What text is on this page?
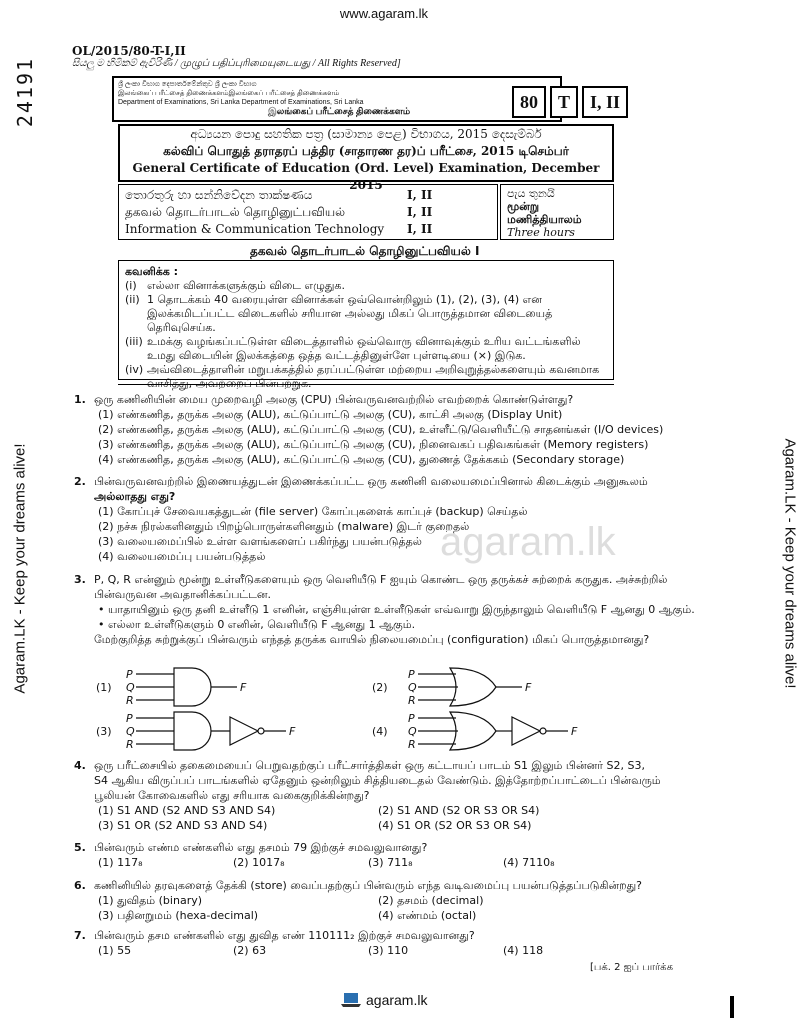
www.agaram.lk
Agaram.LK - Keep your dreams alive!	Agaram.LK - Keep your dreams alive!
24191
agaram.lk
OL/2015/80-T-I,II
සියලු ම හිමිකම් ඇවිරිණි / முழுப் பதிப்புரிமையுடையது / All Rights Reserved]
ශ්‍රී ලංකා විභාග දෙපාර්තමේන්තුව ශ්‍රී ලංකා විභාග
இலங்கைப் பரீட்சைத் திணைக்களம்இலங்கைப் பரீட்சைத் திணைக்களம்
Department of Examinations, Sri Lanka Department of Examinations, Sri Lanka
இலங்கைப் பரீட்சைத் திணைக்களம்	80	T	I, II
අධ්‍යයන පොදු සහතික පත්‍ර (සාමාන්‍ය පෙළ) විභාගය, 2015 දෙසැම්බර්
கல்விப் பொதுத் தராதரப் பத்திர (சாதாரண தர)ப் பரீட்சை, 2015 டிசெம்பர்
General Certificate of Education (Ord. Level) Examination, December 2015
තොරතුරු හා සන්නිවේදන තාක්ෂණය	I, II
தகவல் தொடர்பாடல் தொழினுட்பவியல்	I, II
Information & Communication Technology I, II
පැය තුනයි
மூன்று மணித்தியாலம்
Three hours
தகவல் தொடர்பாடல் தொழினுட்பவியல் I
கவனிக்க :
(i) எல்லா வினாக்களுக்கும் விடை எழுதுக.
(ii) 1 தொடக்கம் 40 வரையுள்ள வினாக்கள் ஒவ்வொன்றிலும் (1), (2), (3), (4) என இலக்கமிடப்பட்ட விடைகளில் சரியான அல்லது மிகப் பொருத்தமான விடையைத் தெரிவுசெய்க.
(iii) உமக்கு வழங்கப்பட்டுள்ள விடைத்தாளில் ஒவ்வொரு வினாவுக்கும் உரிய வட்டங்களில் உமது விடையின் இலக்கத்தை ஒத்த வட்டத்தினுள்ளே புள்ளடியை (×) இடுக.
(iv) அவ்விடைத்தாளின் மறுபக்கத்தில் தரப்பட்டுள்ள மற்றைய அறிவுறுத்தல்களையும் கவனமாக வாசித்து, அவற்றைப் பின்பற்றுக.
1. ஒரு கணினியின் மைய முறைவழி அலகு (CPU) பின்வருவனவற்றில் எவற்றைக் கொண்டுள்ளது?
(1) எண்கணித, தருக்க அலகு (ALU), கட்டுப்பாட்டு அலகு (CU), காட்சி அலகு (Display Unit)
(2) எண்கணித, தருக்க அலகு (ALU), கட்டுப்பாட்டு அலகு (CU), உள்ளீட்டு/வெளியீட்டு சாதனங்கள் (I/O devices)
(3) எண்கணித, தருக்க அலகு (ALU), கட்டுப்பாட்டு அலகு (CU), நினைவகப் பதிவகங்கள் (Memory registers)
(4) எண்கணித, தருக்க அலகு (ALU), கட்டுப்பாட்டு அலகு (CU), துணைத் தேக்ககம் (Secondary storage)
2. பின்வருவனவற்றில் இணையத்துடன் இணைக்கப்பட்ட ஒரு கணினி வலையமைப்பினால் கிடைக்கும் அனுகூலம்
அல்லாதது எது?
(1) கோப்புச் சேவையகத்துடன் (file server) கோப்புகளைக் காப்புச் (backup) செய்தல்
(2) நச்சு நிரல்களினதும் பிறழ்பொருள்களினதும் (malware) இடர் குறைதல்
(3) வலையமைப்பில் உள்ள வளங்களைப் பகிர்ந்து பயன்படுத்தல்
(4) வலையமைப்பு பயன்படுத்தல்
3. P, Q, R என்னும் மூன்று உள்ளீடுகளையும் ஒரு வெளியீடு F ஐயும் கொண்ட ஒரு தருக்கச் சுற்றைக் கருதுக. அச்சுற்றில்
பின்வருவன அவதானிக்கப்பட்டன.
• யாதாயினும் ஒரு தனி உள்ளீடு 1 எனின், எஞ்சியுள்ள உள்ளீடுகள் எவ்வாறு இருந்தாலும் வெளியீடு F ஆனது 0 ஆகும்.
• எல்லா உள்ளீடுகளும் 0 எனின், வெளியீடு F ஆனது 1 ஆகும்.
மேற்குறித்த சுற்றுக்குப் பின்வரும் எந்தத் தருக்க வாயில் நிலையமைப்பு (configuration) மிகப் பொருத்தமானது?
(1)
P
Q
R
F	(2)
P
Q
R
F
(3)
P
Q
R
F	(4)
P
Q
R
F
4. ஒரு பரீட்சையில் தகைமையைப் பெறுவதற்குப் பரீட்சார்த்திகள் ஒரு கட்டாயப் பாடம் S1 இலும் பின்னர் S2, S3,
S4 ஆகிய விருப்பப் பாடங்களில் ஏதேனும் ஒன்றிலும் சித்தியடைதல் வேண்டும். இத்தோற்றப்பாட்டைப் பின்வரும்
பூலியன் கோவைகளில் எது சரியாக வகைகுறிக்கின்றது?
(1) S1 AND (S2 AND S3 AND S4)	(2) S1 AND (S2 OR S3 OR S4)
(3) S1 OR (S2 AND S3 AND S4)	(4) S1 OR (S2 OR S3 OR S4)
5. பின்வரும் எண்ம எண்களில் எது தசமம் 79 இற்குச் சமவலுவானது?
(1) 117₈	(2) 1017₈	(3) 711₈	(4) 7110₈
6. கணினியில் தரவுகளைத் தேக்கி (store) வைப்பதற்குப் பின்வரும் எந்த வடிவமைப்பு பயன்படுத்தப்படுகின்றது?
(1) துவிதம் (binary)	(2) தசமம் (decimal)
(3) பதினறுமம் (hexa-decimal)	(4) எண்மம் (octal)
7. பின்வரும் தசம எண்களில் எது துவித எண் 110111₂ இற்குச் சமவலுவானது?
(1) 55	(2) 63	(3) 110	(4) 118
[பக். 2 ஐப் பார்க்க
agaram.lk
